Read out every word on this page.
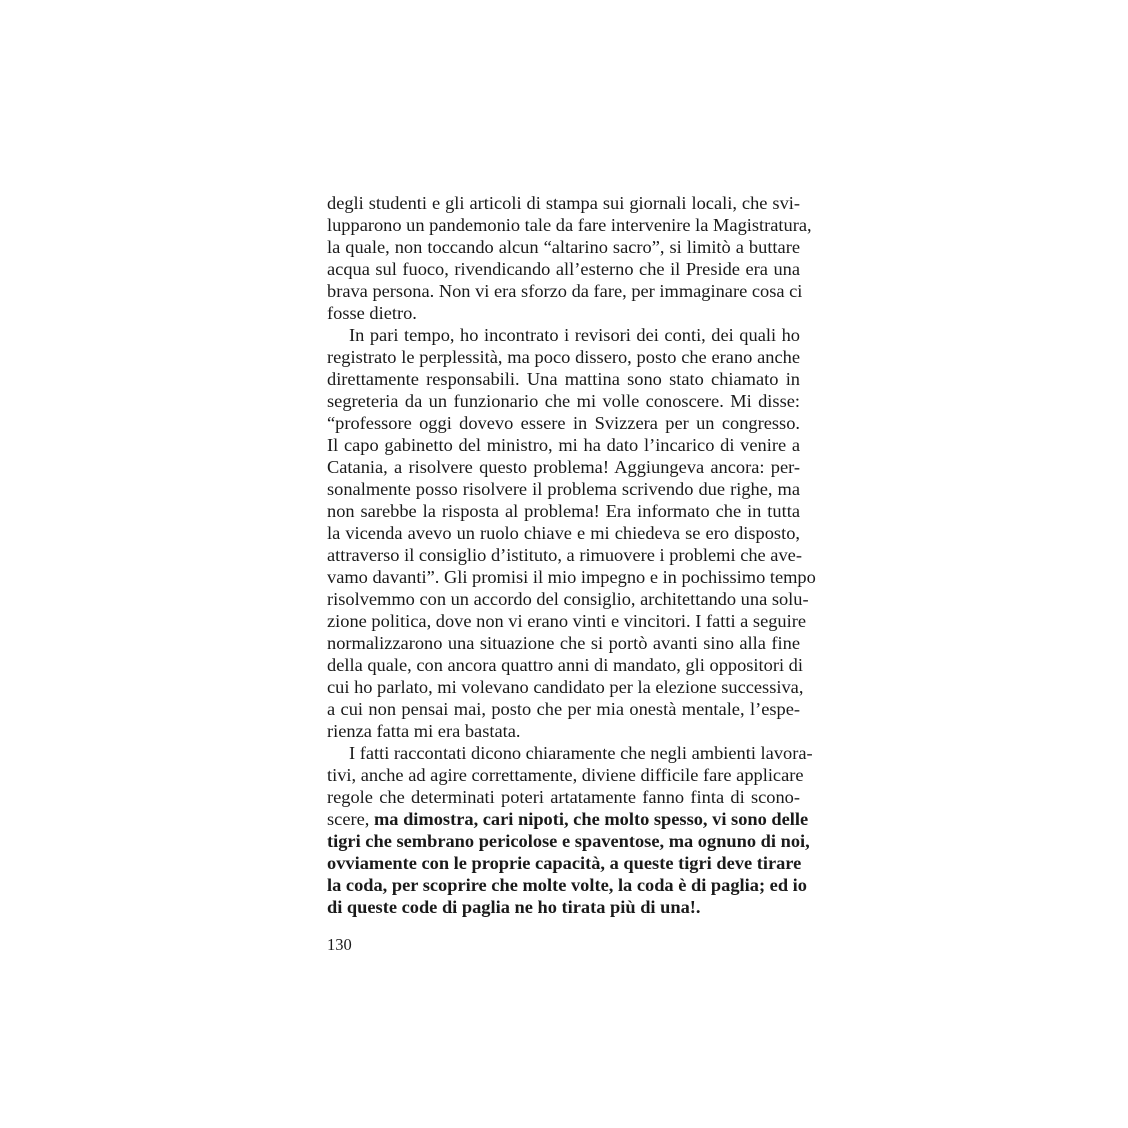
degli studenti e gli articoli di stampa sui giornali locali, che svi-
lupparono un pandemonio tale da fare intervenire la Magistratura,
la quale, non toccando alcun “altarino sacro”, si limitò a buttare
acqua sul fuoco, rivendicando all’esterno che il Preside era una
brava persona. Non vi era sforzo da fare, per immaginare cosa ci
fosse dietro.
In pari tempo, ho incontrato i revisori dei conti, dei quali ho
registrato le perplessità, ma poco dissero, posto che erano anche
direttamente responsabili. Una mattina sono stato chiamato in
segreteria da un funzionario che mi volle conoscere. Mi disse:
“professore oggi dovevo essere in Svizzera per un congresso.
Il capo gabinetto del ministro, mi ha dato l’incarico di venire a
Catania, a risolvere questo problema! Aggiungeva ancora: per-
sonalmente posso risolvere il problema scrivendo due righe, ma
non sarebbe la risposta al problema! Era informato che in tutta
la vicenda avevo un ruolo chiave e mi chiedeva se ero disposto,
attraverso il consiglio d’istituto, a rimuovere i problemi che ave-
vamo davanti”. Gli promisi il mio impegno e in pochissimo tempo
risolvemmo con un accordo del consiglio, architettando una solu-
zione politica, dove non vi erano vinti e vincitori. I fatti a seguire
normalizzarono una situazione che si portò avanti sino alla fine
della quale, con ancora quattro anni di mandato, gli oppositori di
cui ho parlato, mi volevano candidato per la elezione successiva,
a cui non pensai mai, posto che per mia onestà mentale, l’espe-
rienza fatta mi era bastata.
I fatti raccontati dicono chiaramente che negli ambienti lavora-
tivi, anche ad agire correttamente, diviene difficile fare applicare
regole che determinati poteri artatamente fanno finta di scono-
scere, ma dimostra, cari nipoti, che molto spesso, vi sono delle
tigri che sembrano pericolose e spaventose, ma ognuno di noi,
ovviamente con le proprie capacità, a queste tigri deve tirare
la coda, per scoprire che molte volte, la coda è di paglia; ed io
di queste code di paglia ne ho tirata più di una!.
130
